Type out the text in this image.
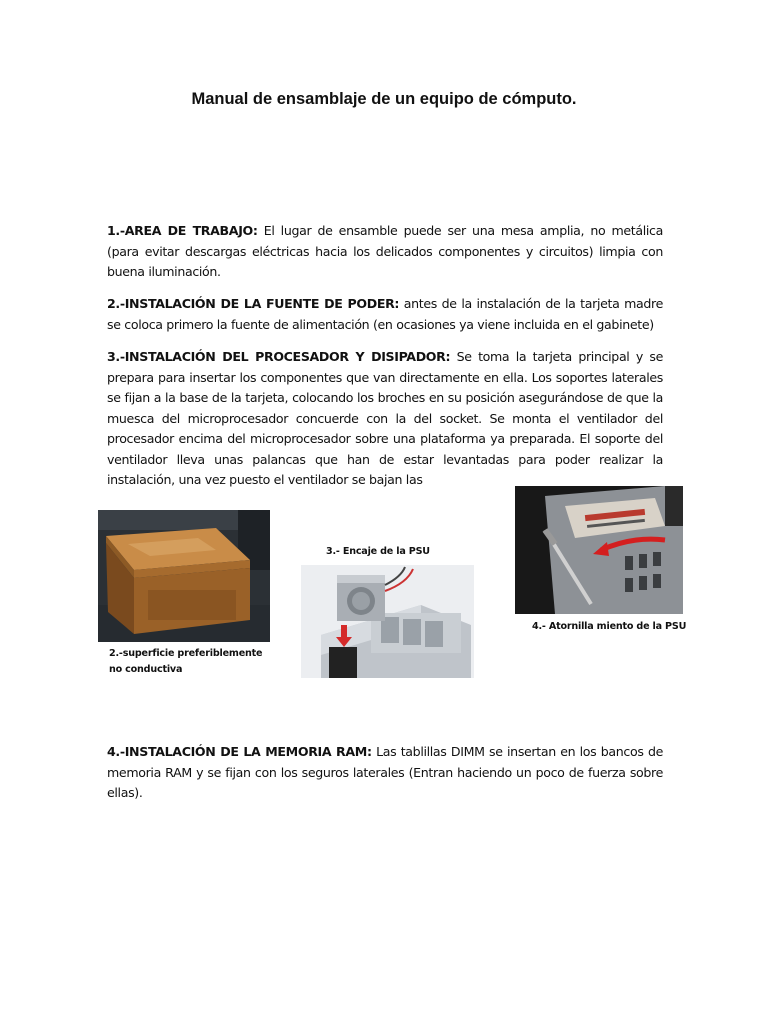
Manual de ensamblaje de un equipo de cómputo.
1.-AREA DE TRABAJO: El lugar de ensamble puede ser una mesa amplia, no metálica (para evitar descargas eléctricas hacia los delicados componentes y circuitos) limpia con buena iluminación.
2.-INSTALACIÓN DE LA FUENTE DE PODER: antes de la instalación de la tarjeta madre se coloca primero la fuente de alimentación (en ocasiones ya viene incluida en el gabinete)
3.-INSTALACIÓN DEL PROCESADOR Y DISIPADOR: Se toma la tarjeta principal y se prepara para insertar los componentes que van directamente en ella. Los soportes laterales se fijan a la base de la tarjeta, colocando los broches en su posición asegurándose de que la muesca del microprocesador concuerde con la del socket. Se monta el ventilador del procesador encima del microprocesador sobre una plataforma ya preparada. El soporte del ventilador lleva unas palancas que han de estar levantadas para poder realizar la instalación, una vez puesto el ventilador se bajan las
3.- Encaje de la PSU
4.- Atornilla miento de la PSU
2.-superficie preferiblemente no conductiva
4.-INSTALACIÓN DE LA MEMORIA RAM: Las tablillas DIMM se insertan en los bancos de memoria RAM y se fijan con los seguros laterales (Entran haciendo un poco de fuerza sobre ellas).
